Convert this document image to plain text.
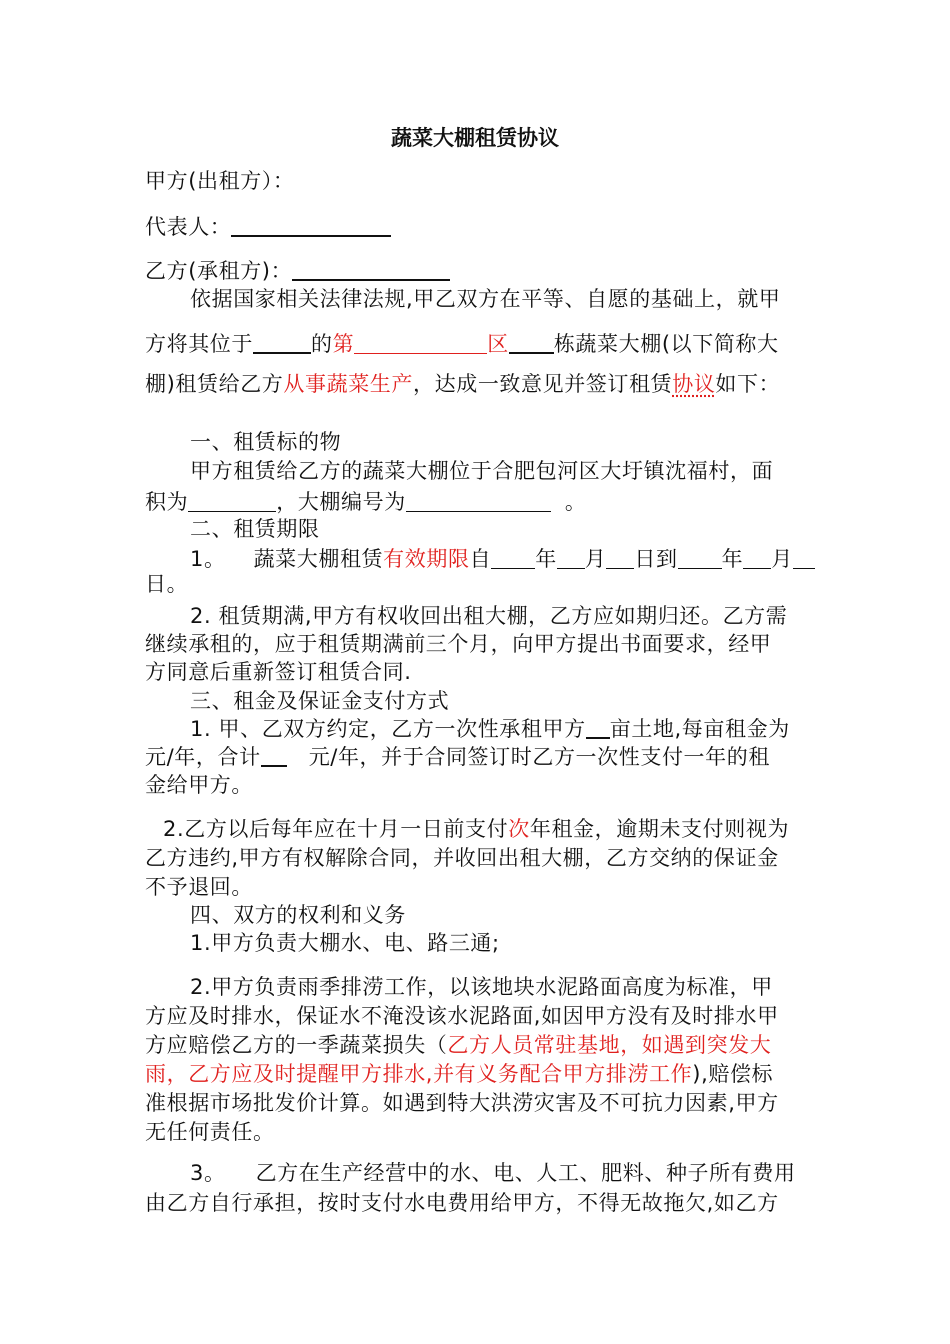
蔬菜大棚租赁协议
甲方(出租方）：
代表人：
乙方(承租方)：
依据国家相关法律法规,甲乙双方在平等、自愿的基础上，就甲
方将其位于	的第	区 栋蔬菜大棚(以下简称大
棚)租赁给乙方从事蔬菜生产，达成一致意见并签订租赁协议如下：
一、租赁标的物
甲方租赁给乙方的蔬菜大棚位于合肥包河区大圩镇沈福村，面
积为	，大棚编号为	。
二、租赁期限
1。 蔬菜大棚租赁有效期限自 年 月 日到 年 月
日。
2. 租赁期满,甲方有权收回出租大棚，乙方应如期归还。乙方需
继续承租的，应于租赁期满前三个月，向甲方提出书面要求，经甲
方同意后重新签订租赁合同.
三、租金及保证金支付方式
1. 甲、乙双方约定，乙方一次性承租甲方 亩土地,每亩租金为
元/年，合计 元/年，并于合同签订时乙方一次性支付一年的租
金给甲方。
2.乙方以后每年应在十月一日前支付次年租金，逾期未支付则视为
乙方违约,甲方有权解除合同，并收回出租大棚，乙方交纳的保证金
不予退回。
四、双方的权利和义务
1.甲方负责大棚水、电、路三通;
2.甲方负责雨季排涝工作，以该地块水泥路面高度为标准，甲
方应及时排水，保证水不淹没该水泥路面,如因甲方没有及时排水甲
方应赔偿乙方的一季蔬菜损失（乙方人员常驻基地，如遇到突发大
雨，乙方应及时提醒甲方排水,并有义务配合甲方排涝工作),赔偿标
准根据市场批发价计算。如遇到特大洪涝灾害及不可抗力因素,甲方
无任何责任。
3。 乙方在生产经营中的水、电、人工、肥料、种子所有费用
由乙方自行承担，按时支付水电费用给甲方，不得无故拖欠,如乙方
